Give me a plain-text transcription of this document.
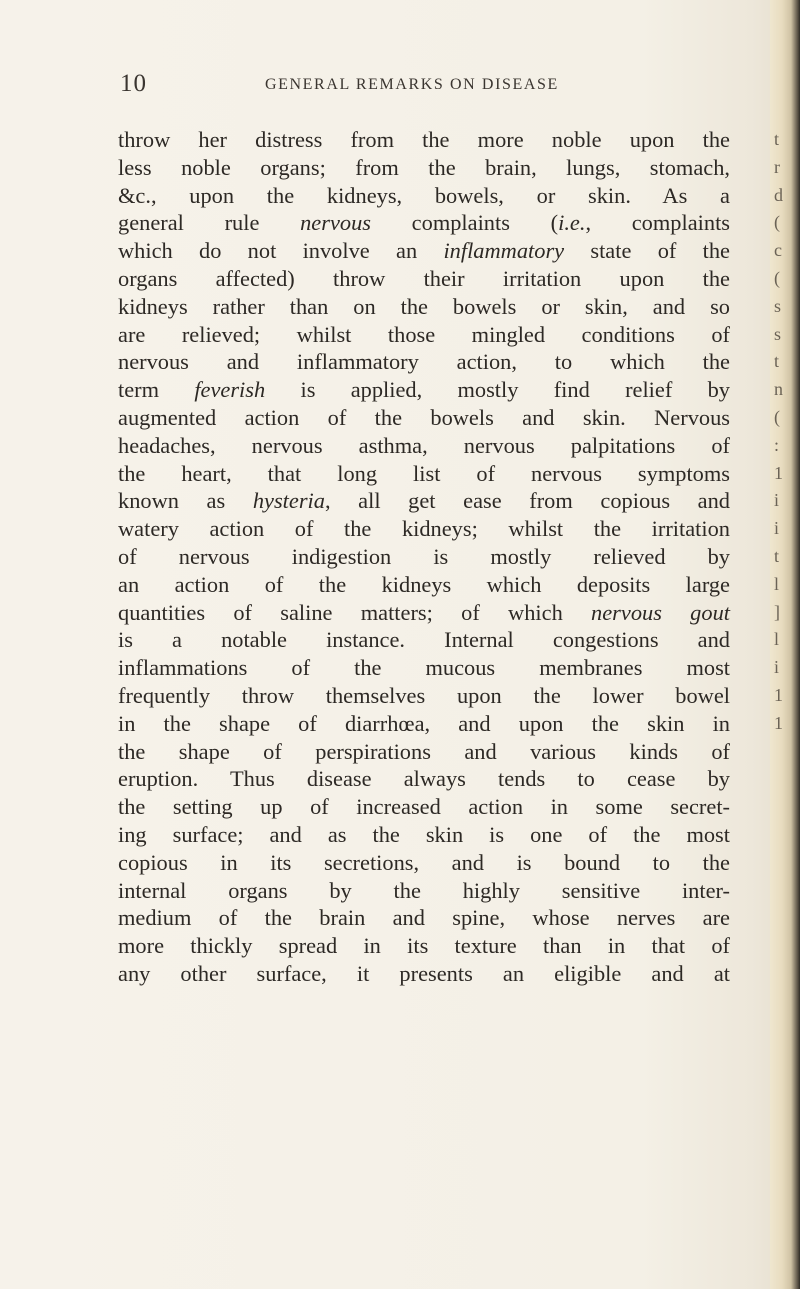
10	GENERAL REMARKS ON DISEASE
throw her distress from the more noble upon the
less noble organs; from the brain, lungs, stomach,
&c., upon the kidneys, bowels, or skin. As a
general rule nervous complaints (i.e., complaints
which do not involve an inflammatory state of the
organs affected) throw their irritation upon the
kidneys rather than on the bowels or skin, and so
are relieved; whilst those mingled conditions of
nervous and inflammatory action, to which the
term feverish is applied, mostly find relief by
augmented action of the bowels and skin. Nervous
headaches, nervous asthma, nervous palpitations of
the heart, that long list of nervous symptoms
known as hysteria, all get ease from copious and
watery action of the kidneys; whilst the irritation
of nervous indigestion is mostly relieved by
an action of the kidneys which deposits large
quantities of saline matters; of which nervous gout
is a notable instance. Internal congestions and
inflammations of the mucous membranes most
frequently throw themselves upon the lower bowel
in the shape of diarrhœa, and upon the skin in
the shape of perspirations and various kinds of
eruption. Thus disease always tends to cease by
the setting up of increased action in some secret-
ing surface; and as the skin is one of the most
copious in its secretions, and is bound to the
internal organs by the highly sensitive inter-
medium of the brain and spine, whose nerves are
more thickly spread in its texture than in that of
any other surface, it presents an eligible and at
t
r
d
(
c
(
s
s
t
n
(
:
1
i
i
t
l
]
l
i
1
1
